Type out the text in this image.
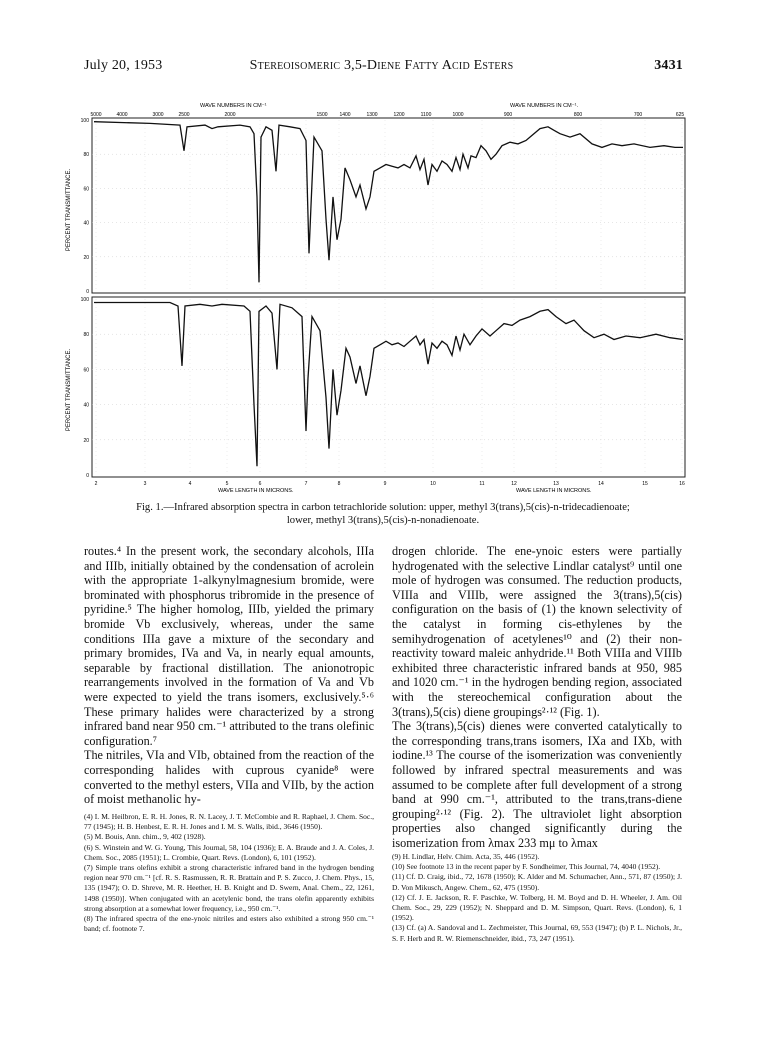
July 20, 1953	Stereoisomeric 3,5-Diene Fatty Acid Esters	3431
WAVE NUMBERS IN CM⁻¹	WAVE NUMBERS IN CM⁻¹.
5000	4000	3000	2500	2000	1500 1400	1300	1200	1100	1000	900	800	700	625
100
80
60
40
20
0
PERCENT TRANSMITTANCE.
100
80
60
40
20
0
PERCENT TRANSMITTANCE.
2	3	4	5	6	7	8	9	10	11	12	13	14	15	16
WAVE LENGTH IN MICRONS.	WAVE LENGTH IN MICRONS.
Fig. 1.—Infrared absorption spectra in carbon tetrachloride solution: upper, methyl 3(trans),5(cis)-n-tridecadienoate;
lower, methyl 3(trans),5(cis)-n-nonadienoate.

routes.⁴ In the present work, the secondary alcohols, IIIa and IIIb, initially obtained by the condensation of acrolein with the appropriate 1-alkynylmagnesium bromide, were brominated with phosphorus tribromide in the presence of pyridine.⁵ The higher homolog, IIIb, yielded the primary bromide Vb exclusively, whereas, under the same conditions IIIa gave a mixture of the secondary and primary bromides, IVa and Va, in nearly equal amounts, separable by fractional distillation. The anionotropic rearrangements involved in the formation of Va and Vb were expected to yield the trans isomers, exclusively.⁵·⁶ These primary halides were characterized by a strong infrared band near 950 cm.⁻¹ attributed to the trans olefinic configuration.⁷
The nitriles, VIa and VIb, obtained from the reaction of the corresponding halides with cuprous cyanide⁸ were converted to the methyl esters, VIIa and VIIb, by the action of moist methanolic hy-

drogen chloride. The ene-ynoic esters were partially hydrogenated with the selective Lindlar catalyst⁹ until one mole of hydrogen was consumed. The reduction products, VIIIa and VIIIb, were assigned the 3(trans),5(cis) configuration on the basis of (1) the known selectivity of the catalyst in forming cis-ethylenes by the semihydrogenation of acetylenes¹⁰ and (2) their non-reactivity toward maleic anhydride.¹¹ Both VIIIa and VIIIb exhibited three characteristic infrared bands at 950, 985 and 1020 cm.⁻¹ in the hydrogen bending region, associated with the stereochemical configuration about the 3(trans),5(cis) diene groupings²·¹² (Fig. 1).
The 3(trans),5(cis) dienes were converted catalytically to the corresponding trans,trans isomers, IXa and IXb, with iodine.¹³ The course of the isomerization was conveniently followed by infrared spectral measurements and was assumed to be complete after full development of a strong band at 990 cm.⁻¹, attributed to the trans,trans-diene grouping²·¹² (Fig. 2). The ultraviolet light absorption properties also changed significantly during the isomerization from λmax 233 mμ to λmax

(4) I. M. Heilbron, E. R. H. Jones, R. N. Lacey, J. T. McCombie and R. Raphael, J. Chem. Soc., 77 (1945); H. B. Henbest, E. R. H. Jones and I. M. S. Walls, ibid., 3646 (1950).

(5) M. Bouis, Ann. chim., 9, 402 (1928).

(6) S. Winstein and W. G. Young, This Journal, 58, 104 (1936); E. A. Braude and J. A. Coles, J. Chem. Soc., 2085 (1951); L. Crombie, Quart. Revs. (London), 6, 101 (1952).

(7) Simple trans olefins exhibit a strong characteristic infrared band in the hydrogen bending region near 970 cm.⁻¹ [cf. R. S. Rasmussen, R. R. Brattain and P. S. Zucco, J. Chem. Phys., 15, 135 (1947); O. D. Shreve, M. R. Heether, H. B. Knight and D. Swern, Anal. Chem., 22, 1261, 1498 (1950)]. When conjugated with an acetylenic bond, the trans olefin apparently exhibits strong absorption at a somewhat lower frequency, i.e., 950 cm.⁻¹.

(8) The infrared spectra of the ene-ynoic nitriles and esters also exhibited a strong 950 cm.⁻¹ band; cf. footnote 7.

(9) H. Lindlar, Helv. Chim. Acta, 35, 446 (1952).

(10) See footnote 13 in the recent paper by F. Sondheimer, This Journal, 74, 4040 (1952).

(11) Cf. D. Craig, ibid., 72, 1678 (1950); K. Alder and M. Schumacher, Ann., 571, 87 (1950); J. D. Von Mikusch, Angew. Chem., 62, 475 (1950).

(12) Cf. J. E. Jackson, R. F. Paschke, W. Tolberg, H. M. Boyd and D. H. Wheeler, J. Am. Oil Chem. Soc., 29, 229 (1952); N. Sheppard and D. M. Simpson, Quart. Revs. (London), 6, 1 (1952).

(13) Cf. (a) A. Sandoval and L. Zechmeister, This Journal, 69, 553 (1947); (b) P. L. Nichols, Jr., S. F. Herb and R. W. Riemenschneider, ibid., 73, 247 (1951).
